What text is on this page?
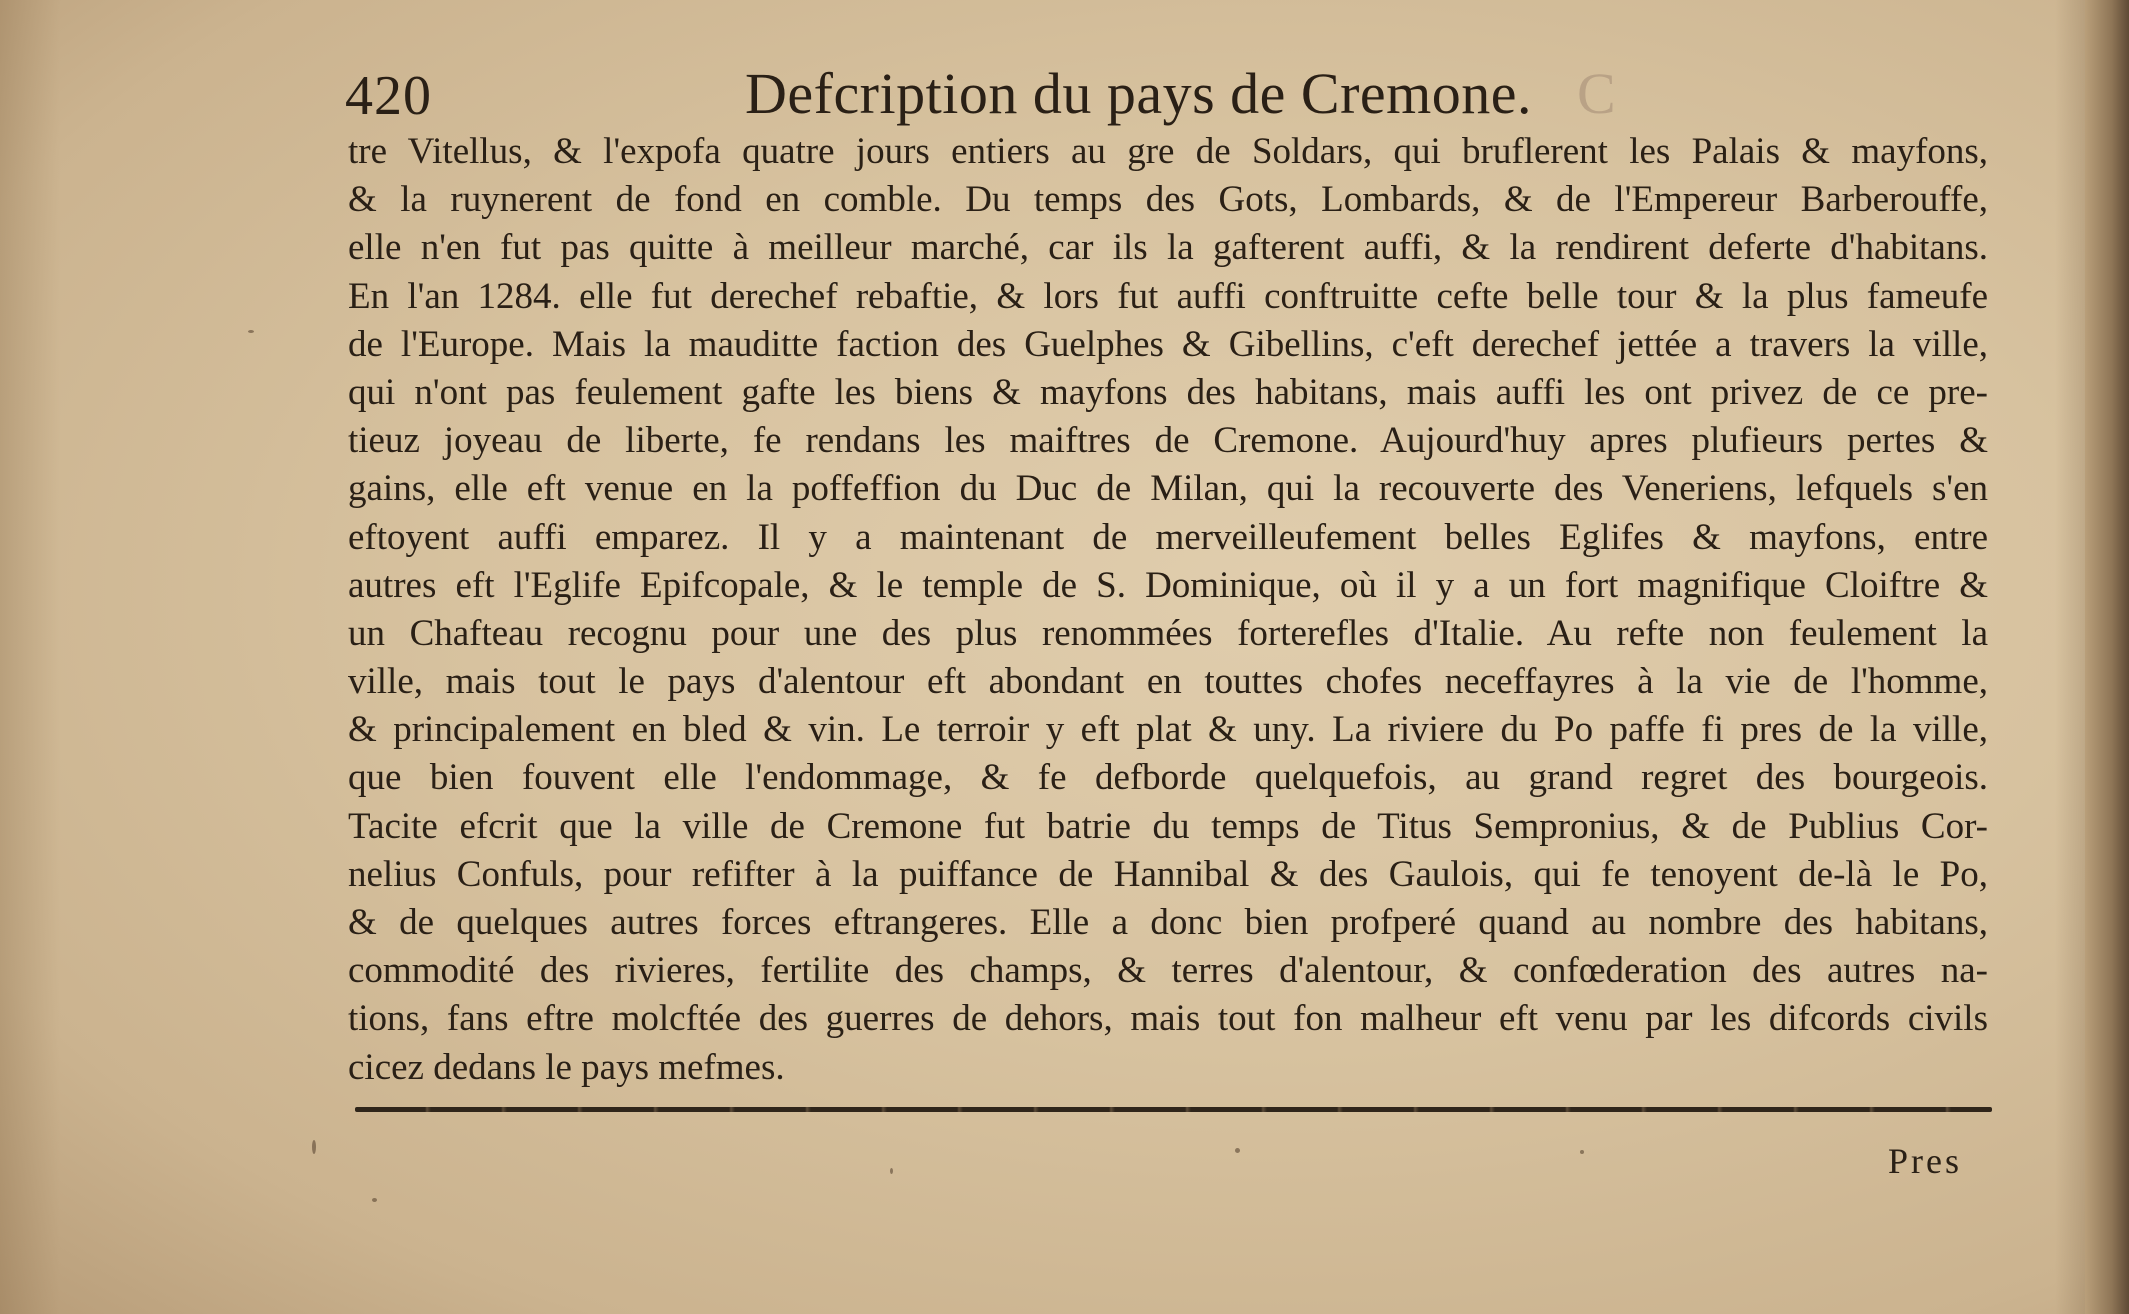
420	Defcription du pays de Cremone. C
tre Vitellus, & l'expofa quatre jours entiers au gre de Soldars, qui bruflerent les Palais & mayfons,
& la ruynerent de fond en comble. Du temps des Gots, Lombards, & de l'Empereur Barberouffe,
elle n'en fut pas quitte à meilleur marché, car ils la gafterent auffi, & la rendirent deferte d'habitans.
En l'an 1284. elle fut derechef rebaftie, & lors fut auffi conftruitte cefte belle tour & la plus fameufe
de l'Europe. Mais la mauditte faction des Guelphes & Gibellins, c'eft derechef jettée a travers la ville,
qui n'ont pas feulement gafte les biens & mayfons des habitans, mais auffi les ont privez de ce pre-
tieuz joyeau de liberte, fe rendans les maiftres de Cremone. Aujourd'huy apres plufieurs pertes &
gains, elle eft venue en la poffeffion du Duc de Milan, qui la recouverte des Veneriens, lefquels s'en
eftoyent auffi emparez. Il y a maintenant de merveilleufement belles Eglifes & mayfons, entre
autres eft l'Eglife Epifcopale, & le temple de S. Dominique, où il y a un fort magnifique Cloiftre &
un Chafteau recognu pour une des plus renommées forterefles d'Italie. Au refte non feulement la
ville, mais tout le pays d'alentour eft abondant en touttes chofes neceffayres à la vie de l'homme,
& principalement en bled & vin. Le terroir y eft plat & uny. La riviere du Po paffe fi pres de la ville,
que bien fouvent elle l'endommage, & fe defborde quelquefois, au grand regret des bourgeois.
Tacite efcrit que la ville de Cremone fut batrie du temps de Titus Sempronius, & de Publius Cor-
nelius Confuls, pour refifter à la puiffance de Hannibal & des Gaulois, qui fe tenoyent de-là le Po,
& de quelques autres forces eftrangeres. Elle a donc bien profperé quand au nombre des habitans,
commodité des rivieres, fertilite des champs, & terres d'alentour, & confœderation des autres na-
tions, fans eftre molcftée des guerres de dehors, mais tout fon malheur eft venu par les difcords civils
cicez dedans le pays mefmes.
Pres
